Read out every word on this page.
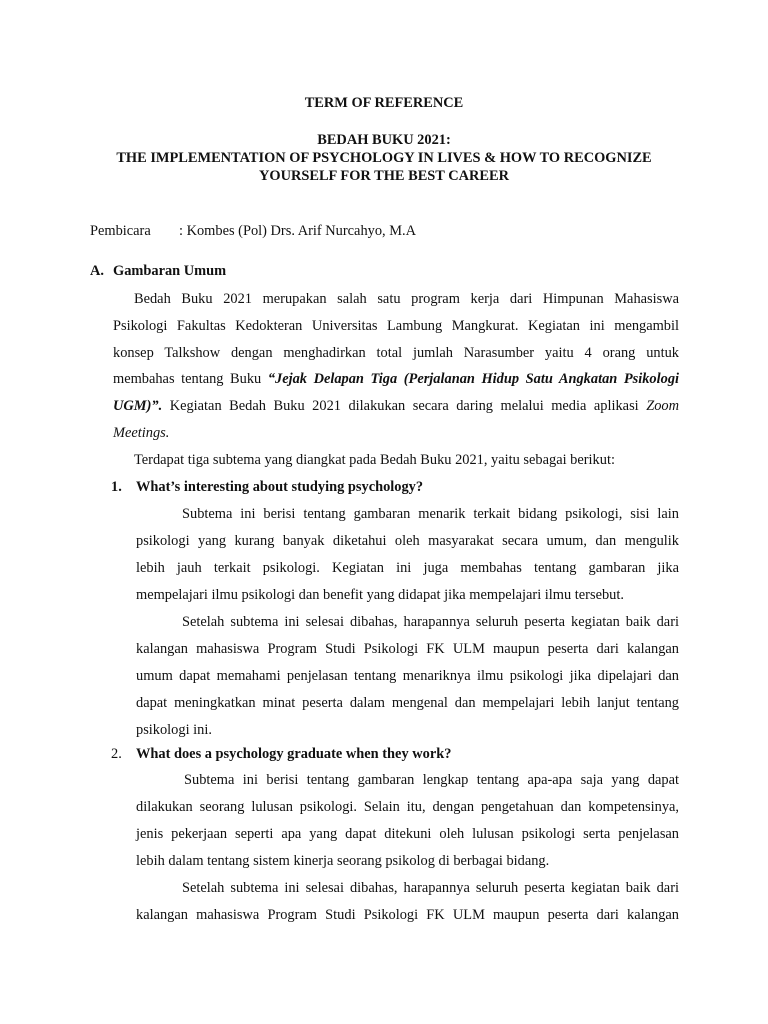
TERM OF REFERENCE
BEDAH BUKU 2021:
THE IMPLEMENTATION OF PSYCHOLOGY IN LIVES & HOW TO RECOGNIZE
YOURSELF FOR THE BEST CAREER
Pembicara : Kombes (Pol) Drs. Arif Nurcahyo, M.A
A. Gambaran Umum
Bedah Buku 2021 merupakan salah satu program kerja dari Himpunan Mahasiswa
Psikologi Fakultas Kedokteran Universitas Lambung Mangkurat. Kegiatan ini mengambil
konsep Talkshow dengan menghadirkan total jumlah Narasumber yaitu 4 orang untuk
membahas tentang Buku “Jejak Delapan Tiga (Perjalanan Hidup Satu Angkatan Psikologi
UGM)”. Kegiatan Bedah Buku 2021 dilakukan secara daring melalui media aplikasi Zoom
Meetings.
Terdapat tiga subtema yang diangkat pada Bedah Buku 2021, yaitu sebagai berikut:
1. What’s interesting about studying psychology?
Subtema ini berisi tentang gambaran menarik terkait bidang psikologi, sisi lain
psikologi yang kurang banyak diketahui oleh masyarakat secara umum, dan mengulik
lebih jauh terkait psikologi. Kegiatan ini juga membahas tentang gambaran jika
mempelajari ilmu psikologi dan benefit yang didapat jika mempelajari ilmu tersebut.
Setelah subtema ini selesai dibahas, harapannya seluruh peserta kegiatan baik dari
kalangan mahasiswa Program Studi Psikologi FK ULM maupun peserta dari kalangan
umum dapat memahami penjelasan tentang menariknya ilmu psikologi jika dipelajari dan
dapat meningkatkan minat peserta dalam mengenal dan mempelajari lebih lanjut tentang
psikologi ini.
2. What does a psychology graduate when they work?
Subtema ini berisi tentang gambaran lengkap tentang apa-apa saja yang dapat
dilakukan seorang lulusan psikologi. Selain itu, dengan pengetahuan dan kompetensinya,
jenis pekerjaan seperti apa yang dapat ditekuni oleh lulusan psikologi serta penjelasan
lebih dalam tentang sistem kinerja seorang psikolog di berbagai bidang.
Setelah subtema ini selesai dibahas, harapannya seluruh peserta kegiatan baik dari
kalangan mahasiswa Program Studi Psikologi FK ULM maupun peserta dari kalangan
